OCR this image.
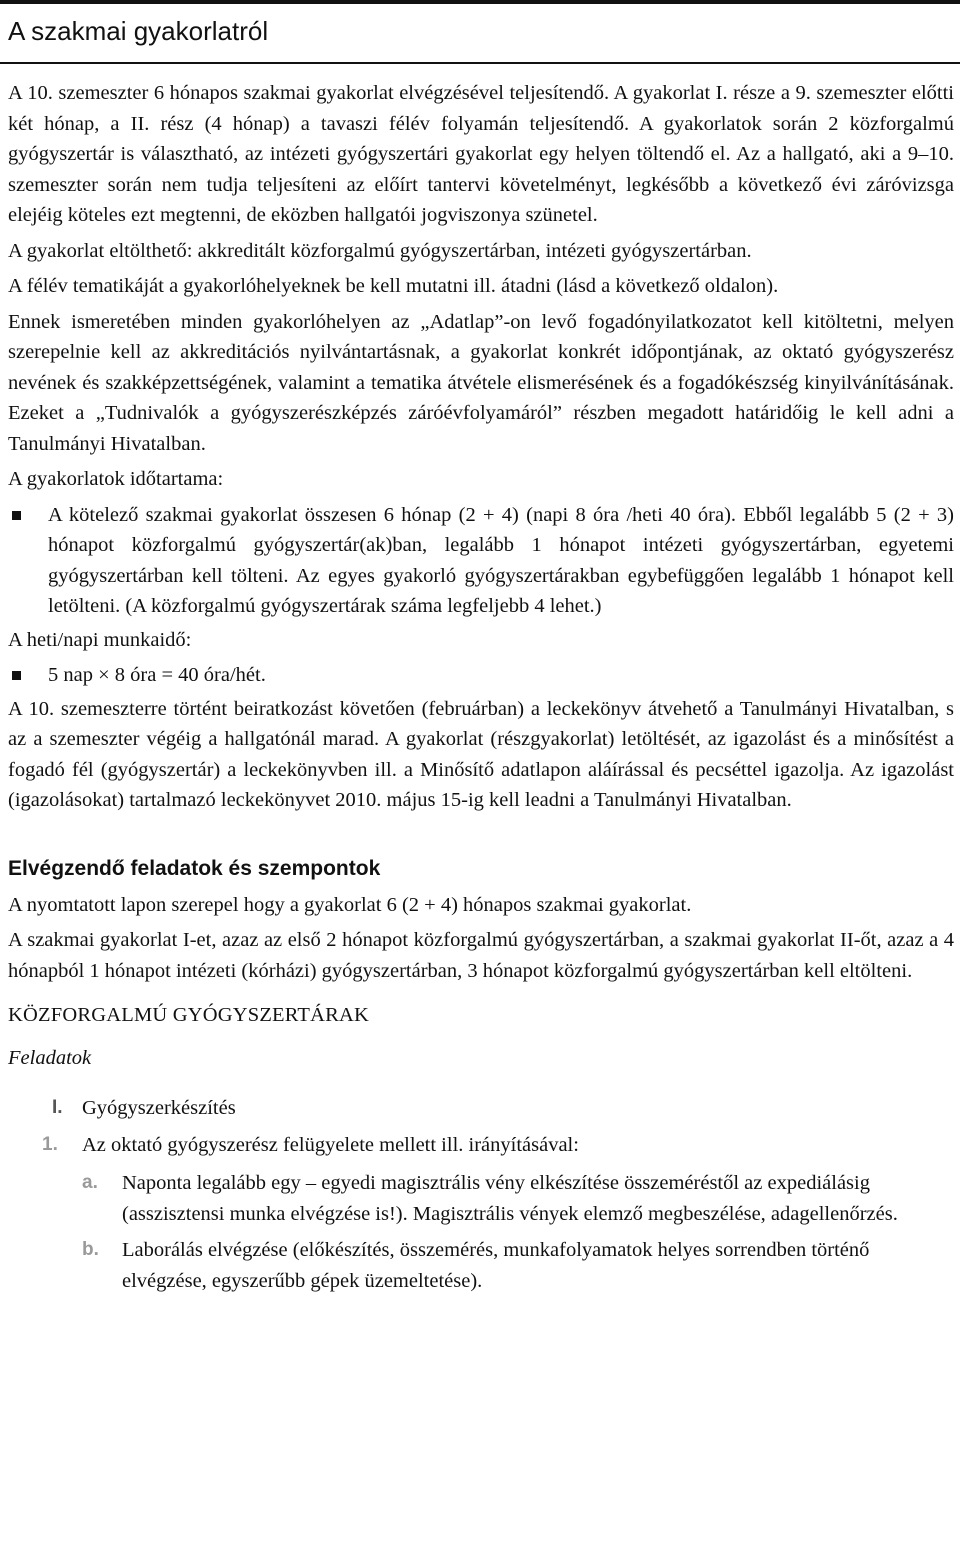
A szakmai gyakorlatról

A 10. szemeszter 6 hónapos szakmai gyakorlat elvégzésével teljesítendő. A gyakorlat I. része a 9. szemeszter előtti két hónap, a II. rész (4 hónap) a tavaszi félév folyamán teljesítendő. A gyakorlatok során 2 közforgalmú gyógyszertár is választható, az intézeti gyógyszertári gyakorlat egy helyen töltendő el. Az a hallgató, aki a 9–10. szemeszter során nem tudja teljesíteni az előírt tantervi követelményt, legkésőbb a következő évi záróvizsga elejéig köteles ezt megtenni, de eközben hallgatói jogviszonya szünetel.

A gyakorlat eltölthető: akkreditált közforgalmú gyógyszertárban, intézeti gyógyszertárban.

A félév tematikáját a gyakorlóhelyeknek be kell mutatni ill. átadni (lásd a következő oldalon).

Ennek ismeretében minden gyakorlóhelyen az „Adatlap”-on levő fogadónyilatkozatot kell kitöltetni, melyen szerepelnie kell az akkreditációs nyilvántartásnak, a gyakorlat konkrét időpontjának, az oktató gyógyszerész nevének és szakképzettségének, valamint a tematika átvétele elismerésének és a fogadókészség kinyilvánításának. Ezeket a „Tudnivalók a gyógyszerészképzés záróévfolyamáról” részben megadott határidőig le kell adni a Tanulmányi Hivatalban.

A gyakorlatok időtartama:

A kötelező szakmai gyakorlat összesen 6 hónap (2 + 4) (napi 8 óra /heti 40 óra). Ebből legalább 5 (2 + 3) hónapot közforgalmú gyógyszertár(ak)ban, legalább 1 hónapot intézeti gyógyszertárban, egyetemi gyógyszertárban kell tölteni. Az egyes gyakorló gyógyszertárakban egybefüggően legalább 1 hónapot kell letölteni. (A közforgalmú gyógyszertárak száma legfeljebb 4 lehet.)

A heti/napi munkaidő:

5 nap × 8 óra = 40 óra/hét.

A 10. szemeszterre történt beiratkozást követően (februárban) a leckekönyv átvehető a Tanulmányi Hivatalban, s az a szemeszter végéig a hallgatónál marad. A gyakorlat (részgyakorlat) letöltését, az igazolást és a minősítést a fogadó fél (gyógyszertár) a leckekönyvben ill. a Minősítő adatlapon aláírással és pecséttel igazolja. Az igazolást (igazolásokat) tartalmazó leckekönyvet 2010. május 15-ig kell leadni a Tanulmányi Hivatalban.

Elvégzendő feladatok és szempontok

A nyomtatott lapon szerepel hogy a gyakorlat 6 (2 + 4) hónapos szakmai gyakorlat.

A szakmai gyakorlat I-et, azaz az első 2 hónapot közforgalmú gyógyszertárban, a szakmai gyakorlat II-őt, azaz a 4 hónapból 1 hónapot intézeti (kórházi) gyógyszertárban, 3 hónapot közforgalmú gyógyszertárban kell eltölteni.

KÖZFORGALMÚ GYÓGYSZERTÁRAK
Feladatok
I. Gyógyszerkészítés
1. Az oktató gyógyszerész felügyelete mellett ill. irányításával:
a. Naponta legalább egy – egyedi magisztrális vény elkészítése összeméréstől az expediálásig (asszisztensi munka elvégzése is!). Magisztrális vények elemző megbeszélése, adagellenőrzés.
b. Laborálás elvégzése (előkészítés, összemérés, munkafolyamatok helyes sorrendben történő elvégzése, egyszerűbb gépek üzemeltetése).
